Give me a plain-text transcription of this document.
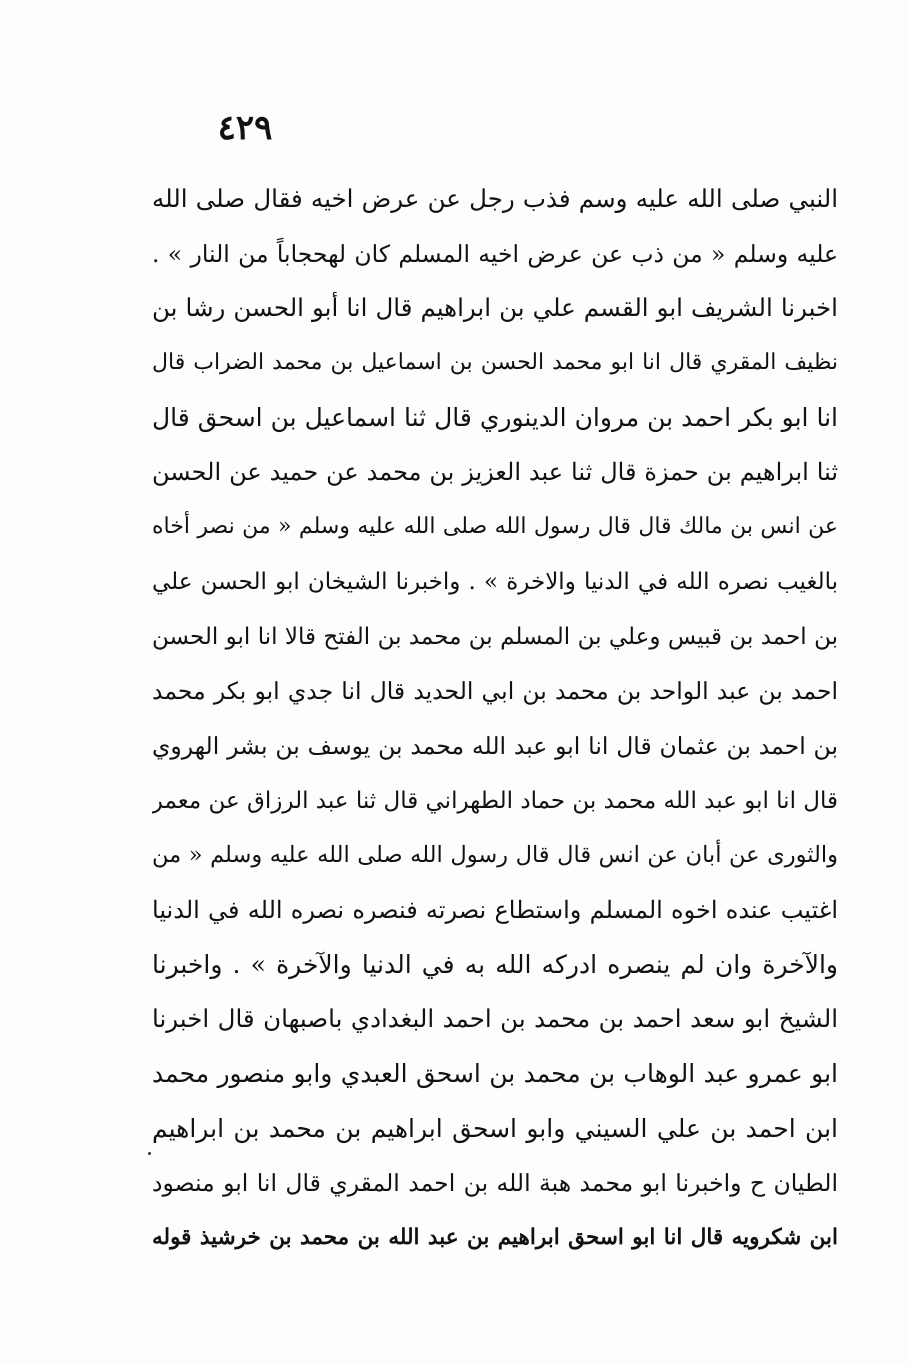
٤٢٩
النبي صلى الله عليه وسم فذب رجل عن عرض اخيه فقال صلى الله
عليه وسلم « من ذب عن عرض اخيه المسلم كان لهحجاباً من النار » .
اخبرنا الشريف ابو القسم علي بن ابراهيم قال انا أبو الحسن رشا بن
نظيف المقري قال انا ابو محمد الحسن بن اسماعيل بن محمد الضراب قال
انا ابو بكر احمد بن مروان الدينوري قال ثنا اسماعيل بن اسحق قال
ثنا ابراهيم بن حمزة قال ثنا عبد العزيز بن محمد عن حميد عن الحسن
عن انس بن مالك قال قال رسول الله صلى الله عليه وسلم « من نصر أخاه
بالغيب نصره الله في الدنيا والاخرة » . واخبرنا الشيخان ابو الحسن علي
بن احمد بن قبيس وعلي بن المسلم بن محمد بن الفتح قالا انا ابو الحسن
احمد بن عبد الواحد بن محمد بن ابي الحديد قال انا جدي ابو بكر محمد
بن احمد بن عثمان قال انا ابو عبد الله محمد بن يوسف بن بشر الهروي
قال انا ابو عبد الله محمد بن حماد الطهراني قال ثنا عبد الرزاق عن معمر
والثورى عن أبان عن انس قال قال رسول الله صلى الله عليه وسلم « من
اغتيب عنده اخوه المسلم واستطاع نصرته فنصره نصره الله في الدنيا
والآخرة وان لم ينصره ادركه الله به في الدنيا والآخرة » . واخبرنا
الشيخ ابو سعد احمد بن محمد بن احمد البغدادي باصبهان قال اخبرنا
ابو عمرو عبد الوهاب بن محمد بن اسحق العبدي وابو منصور محمد
ابن احمد بن علي السيني وابو اسحق ابراهيم بن محمد بن ابراهيم
الطيان ح واخبرنا ابو محمد هبة الله بن احمد المقري قال انا ابو منصود
ابن شكرويه قال انا ابو اسحق ابراهيم بن عبد الله بن محمد بن خرشيذ قوله
